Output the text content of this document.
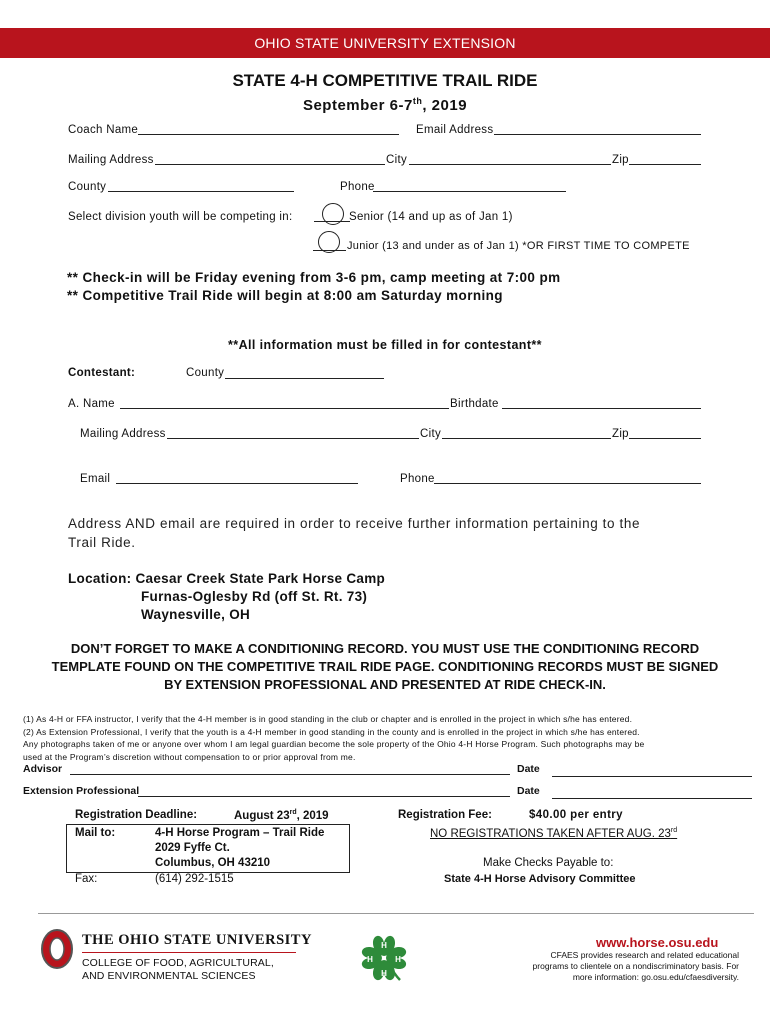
OHIO STATE UNIVERSITY EXTENSION
STATE 4-H COMPETITIVE TRAIL RIDE
September 6-7th, 2019
Coach Name	Email Address
Mailing Address	City	Zip
County	Phone
Select division youth will be competing in:	Senior (14 and up as of Jan 1)
Junior (13 and under as of Jan 1) *OR FIRST TIME TO COMPETE
** Check-in will be Friday evening from 3-6 pm, camp meeting at 7:00 pm
** Competitive Trail Ride will begin at 8:00 am Saturday morning
**All information must be filled in for contestant**
Contestant:	County
A. Name	Birthdate
Mailing Address	City	Zip
Email	Phone
Address AND email are required in order to receive further information pertaining to the
Trail Ride.
Location: Caesar Creek State Park Horse Camp
Furnas-Oglesby Rd (off St. Rt. 73)
Waynesville, OH
DON’T FORGET TO MAKE A CONDITIONING RECORD. YOU MUST USE THE CONDITIONING RECORD
TEMPLATE FOUND ON THE COMPETITIVE TRAIL RIDE PAGE. CONDITIONING RECORDS MUST BE SIGNED
BY EXTENSION PROFESSIONAL AND PRESENTED AT RIDE CHECK-IN.
(1) As 4-H or FFA instructor, I verify that the 4-H member is in good standing in the club or chapter and is enrolled in the project in which s/he has entered.
(2) As Extension Professional, I verify that the youth is a 4-H member in good standing in the county and is enrolled in the project in which s/he has entered.
Any photographs taken of me or anyone over whom I am legal guardian become the sole property of the Ohio 4-H Horse Program. Such photographs may be
used at the Program’s discretion without compensation to or prior approval from me.
Advisor	Date
Extension Professional	Date
Registration Deadline:	August 23rd, 2019
Mail to:	4-H Horse Program – Trail Ride
2029 Fyffe Ct.
Columbus, OH 43210
Fax:	(614) 292-1515
Registration Fee:	$40.00 per entry
NO REGISTRATIONS TAKEN AFTER AUG. 23rd
Make Checks Payable to:
State 4-H Horse Advisory Committee
THE OHIO STATE UNIVERSITY
COLLEGE OF FOOD, AGRICULTURAL,
AND ENVIRONMENTAL SCIENCES
H
H
H	H
www.horse.osu.edu
CFAES provides research and related educational
programs to clientele on a nondiscriminatory basis. For
more information: go.osu.edu/cfaesdiversity.
